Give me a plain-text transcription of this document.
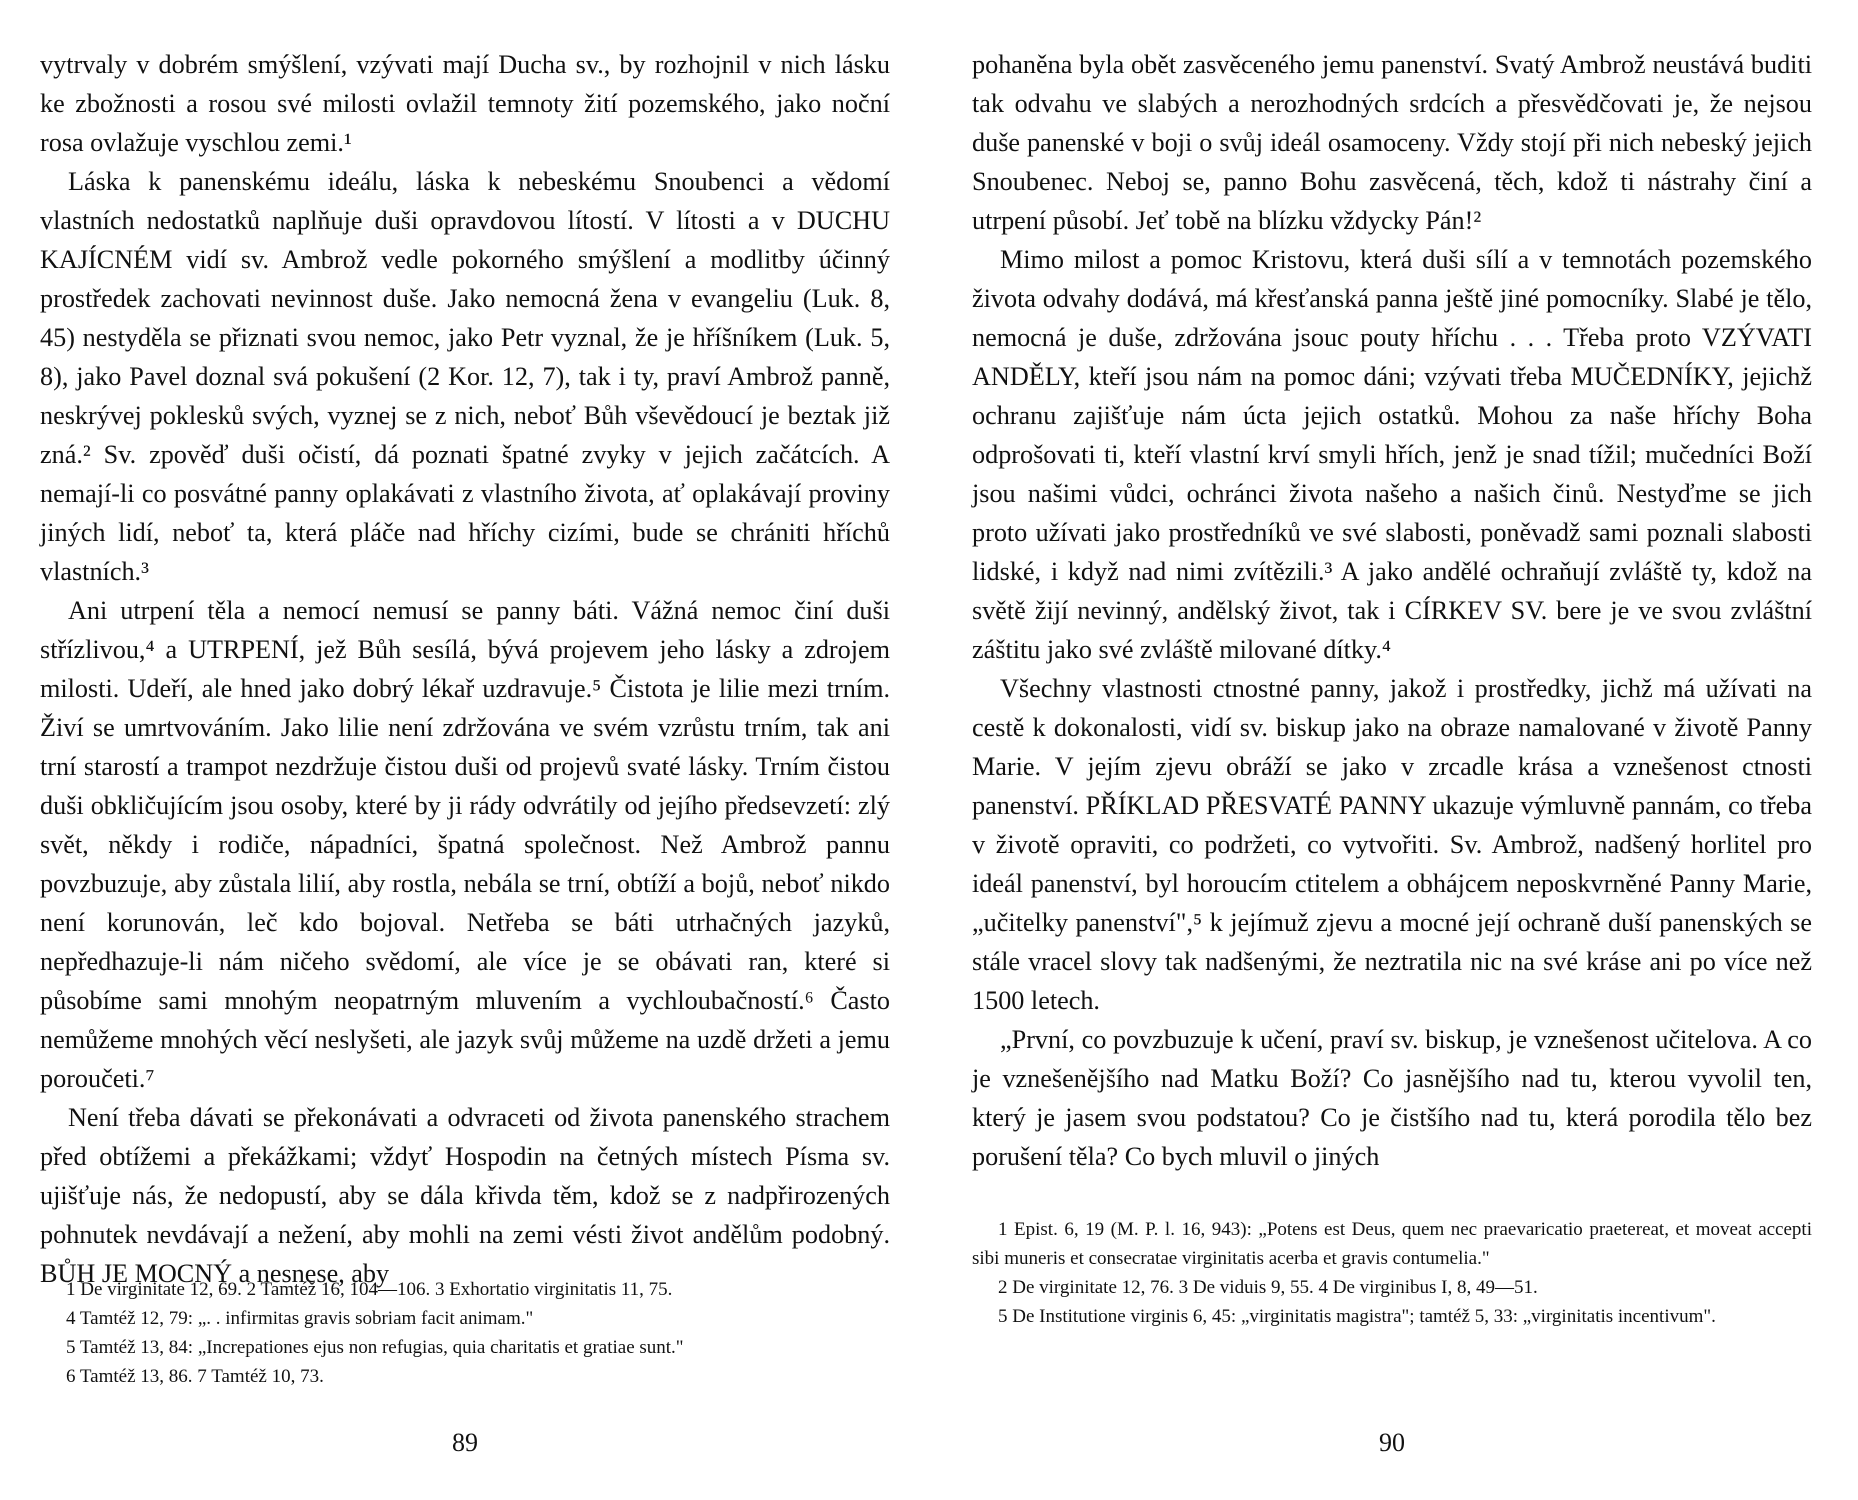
vytrvaly v dobrém smýšlení, vzývati mají Ducha sv., by rozhojnil v nich lásku ke zbožnosti a rosou své milosti ovlažil temnoty žití pozemského, jako noční rosa ovlažuje vyschlou zemi.¹

Láska k panenskému ideálu, láska k nebeskému Snoubenci a vědomí vlastních nedostatků naplňuje duši opravdovou lítostí. V lítosti a v DUCHU KAJÍCNÉM vidí sv. Ambrož vedle pokorného smýšlení a modlitby účinný prostředek zachovati nevinnost duše. Jako nemocná žena v evangeliu (Luk. 8, 45) nestyděla se přiznati svou nemoc, jako Petr vyznal, že je hříšníkem (Luk. 5, 8), jako Pavel doznal svá pokušení (2 Kor. 12, 7), tak i ty, praví Ambrož panně, neskrývej poklesků svých, vyznej se z nich, neboť Bůh vševědoucí je beztak již zná.² Sv. zpověď duši očistí, dá poznati špatné zvyky v jejich začátcích. A nemají-li co posvátné panny oplakávati z vlastního života, ať oplakávají proviny jiných lidí, neboť ta, která pláče nad hříchy cizími, bude se chrániti hříchů vlastních.³

Ani utrpení těla a nemocí nemusí se panny báti. Vážná nemoc činí duši střízlivou,⁴ a UTRPENÍ, jež Bůh sesílá, bývá projevem jeho lásky a zdrojem milosti. Udeří, ale hned jako dobrý lékař uzdravuje.⁵ Čistota je lilie mezi trním. Živí se umrtvováním. Jako lilie není zdržována ve svém vzrůstu trním, tak ani trní starostí a trampot nezdržuje čistou duši od projevů svaté lásky. Trním čistou duši obkličujícím jsou osoby, které by ji rády odvrátily od jejího předsevzetí: zlý svět, někdy i rodiče, nápadníci, špatná společnost. Než Ambrož pannu povzbuzuje, aby zůstala lilií, aby rostla, nebála se trní, obtíží a bojů, neboť nikdo není korunován, leč kdo bojoval. Netřeba se báti utrhačných jazyků, nepředhazuje-li nám ničeho svědomí, ale více je se obávati ran, které si působíme sami mnohým neopatrným mluvením a vychloubačností.⁶ Často nemůžeme mnohých věcí neslyšeti, ale jazyk svůj můžeme na uzdě držeti a jemu poroučeti.⁷

Není třeba dávati se překonávati a odvraceti od života panenského strachem před obtížemi a překážkami; vždyť Hospodin na četných místech Písma sv. ujišťuje nás, že nedopustí, aby se dála křivda těm, kdož se z nadpřirozených pohnutek nevdávají a nežení, aby mohli na zemi vésti život andělům podobný. BŮH JE MOCNÝ a nesnese, aby

1 De virginitate 12, 69. 2 Tamtéž 16, 104—106. 3 Exhortatio virginitatis 11, 75.
4 Tamtéž 12, 79: „. . infirmitas gravis sobriam facit animam."
5 Tamtéž 13, 84: „Increpationes ejus non refugias, quia charitatis et gratiae sunt."
6 Tamtéž 13, 86. 7 Tamtéž 10, 73.
89

pohaněna byla obět zasvěceného jemu panenství. Svatý Ambrož neustává buditi tak odvahu ve slabých a nerozhodných srdcích a přesvědčovati je, že nejsou duše panenské v boji o svůj ideál osamoceny. Vždy stojí při nich nebeský jejich Snoubenec. Neboj se, panno Bohu zasvěcená, těch, kdož ti nástrahy činí a utrpení působí. Jeť tobě na blízku vždycky Pán!²

Mimo milost a pomoc Kristovu, která duši sílí a v temnotách pozemského života odvahy dodává, má křesťanská panna ještě jiné pomocníky. Slabé je tělo, nemocná je duše, zdržována jsouc pouty hříchu . . . Třeba proto VZÝVATI ANDĚLY, kteří jsou nám na pomoc dáni; vzývati třeba MUČEDNÍKY, jejichž ochranu zajišťuje nám úcta jejich ostatků. Mohou za naše hříchy Boha odprošovati ti, kteří vlastní krví smyli hřích, jenž je snad tížil; mučedníci Boží jsou našimi vůdci, ochránci života našeho a našich činů. Nestyďme se jich proto užívati jako prostředníků ve své slabosti, poněvadž sami poznali slabosti lidské, i když nad nimi zvítězili.³ A jako andělé ochraňují zvláště ty, kdož na světě žijí nevinný, andělský život, tak i CÍRKEV SV. bere je ve svou zvláštní záštitu jako své zvláště milované dítky.⁴

Všechny vlastnosti ctnostné panny, jakož i prostředky, jichž má užívati na cestě k dokonalosti, vidí sv. biskup jako na obraze namalované v životě Panny Marie. V jejím zjevu obráží se jako v zrcadle krása a vznešenost ctnosti panenství. PŘÍKLAD PŘESVATÉ PANNY ukazuje výmluvně pannám, co třeba v životě opraviti, co podržeti, co vytvořiti. Sv. Ambrož, nadšený horlitel pro ideál panenství, byl horoucím ctitelem a obhájcem neposkvrněné Panny Marie, „učitelky panenství",⁵ k jejímuž zjevu a mocné její ochraně duší panenských se stále vracel slovy tak nadšenými, že neztratila nic na své kráse ani po více než 1500 letech.

„První, co povzbuzuje k učení, praví sv. biskup, je vznešenost učitelova. A co je vznešenějšího nad Matku Boží? Co jasnějšího nad tu, kterou vyvolil ten, který je jasem svou podstatou? Co je čistšího nad tu, která porodila tělo bez porušení těla? Co bych mluvil o jiných

1 Epist. 6, 19 (M. P. l. 16, 943): „Potens est Deus, quem nec praevaricatio praetereat, et moveat accepti sibi muneris et consecratae virginitatis acerba et gravis contumelia."
2 De virginitate 12, 76. 3 De viduis 9, 55. 4 De virginibus I, 8, 49—51.
5 De Institutione virginis 6, 45: „virginitatis magistra"; tamtéž 5, 33: „virginitatis incentivum".
90
